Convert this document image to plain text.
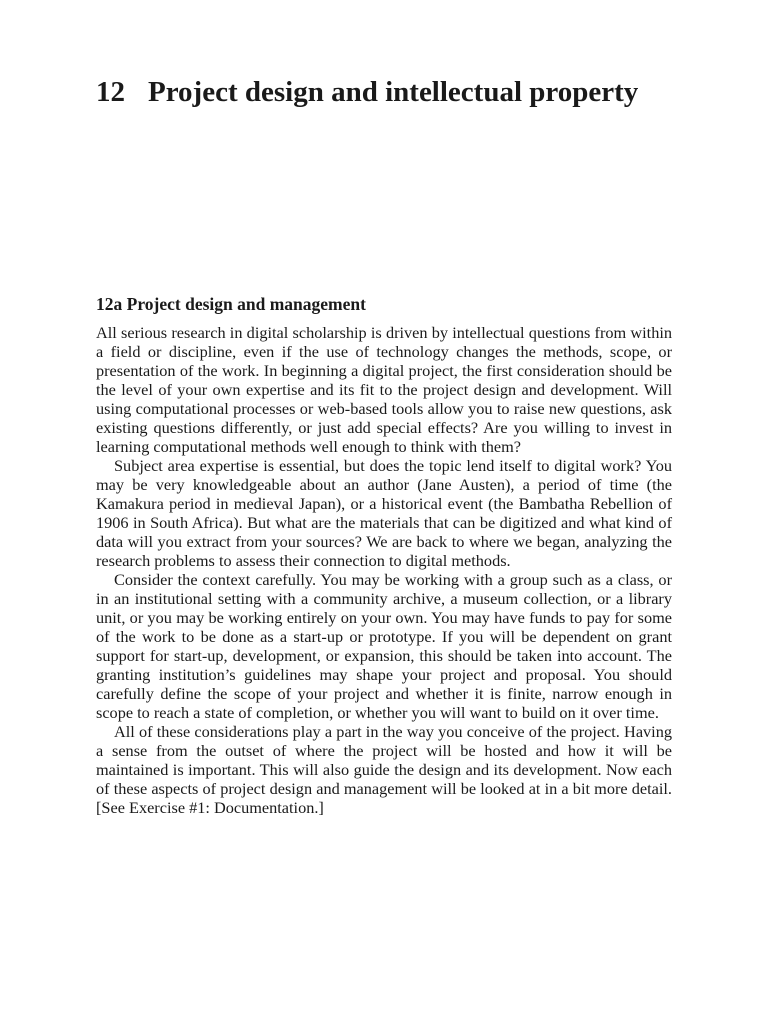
12 Project design and intellectual property
12a Project design and management

All serious research in digital scholarship is driven by intellectual questions from within a field or discipline, even if the use of technology changes the methods, scope, or presentation of the work. In beginning a digital project, the first consideration should be the level of your own expertise and its fit to the project design and development. Will using computational processes or web-based tools allow you to raise new questions, ask existing questions differently, or just add special effects? Are you willing to invest in learning computational methods well enough to think with them?

Subject area expertise is essential, but does the topic lend itself to digital work? You may be very knowledgeable about an author (Jane Austen), a period of time (the Kamakura period in medieval Japan), or a historical event (the Bambatha Rebellion of 1906 in South Africa). But what are the materials that can be digitized and what kind of data will you extract from your sources? We are back to where we began, analyzing the research problems to assess their connection to digital methods.

Consider the context carefully. You may be working with a group such as a class, or in an institutional setting with a community archive, a museum collection, or a library unit, or you may be working entirely on your own. You may have funds to pay for some of the work to be done as a start-up or prototype. If you will be dependent on grant support for start-up, development, or expansion, this should be taken into account. The granting institution’s guidelines may shape your project and proposal. You should carefully define the scope of your project and whether it is finite, narrow enough in scope to reach a state of completion, or whether you will want to build on it over time.

All of these considerations play a part in the way you conceive of the project. Having a sense from the outset of where the project will be hosted and how it will be maintained is important. This will also guide the design and its development. Now each of these aspects of project design and management will be looked at in a bit more detail. [See Exercise #1: Documentation.]
